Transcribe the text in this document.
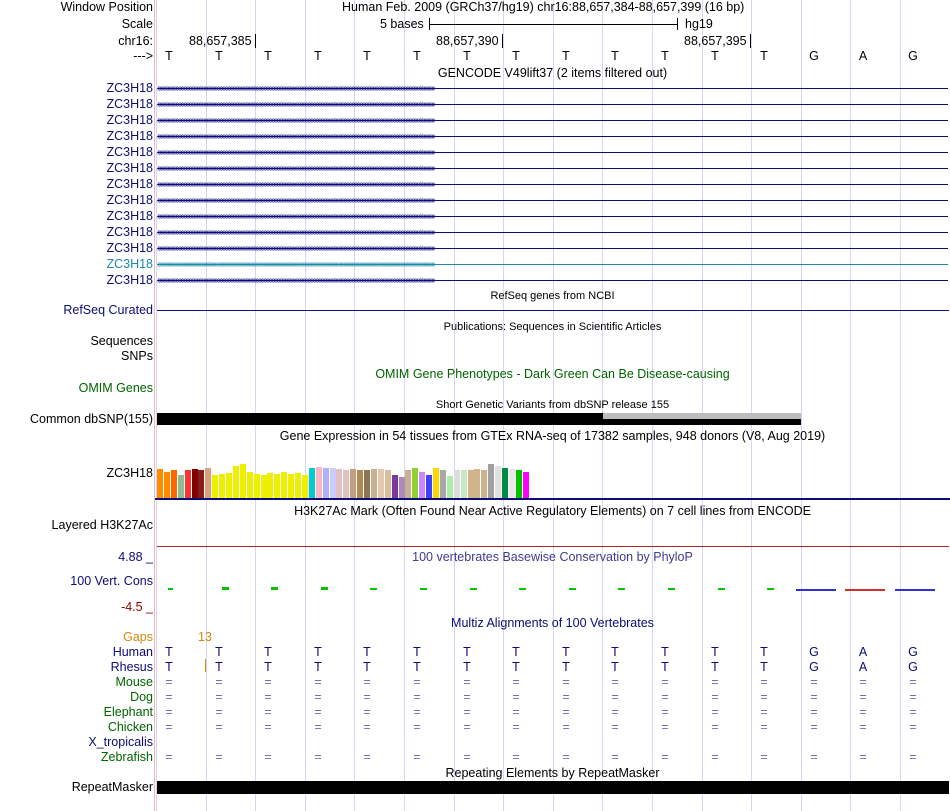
Window Position	Human Feb. 2009 (GRCh37/hg19) chr16:88,657,384-88,657,399 (16 bp)
Scale	5 bases	hg19
chr16:	88,657,385	88,657,390	88,657,395
---> T	T	T	T	T	T	T	T	T	T	T	T	T	G	A	G
GENCODE V49lift37 (2 items filtered out)
ZC3H18 ››››››››››››››››››››››››››››››››››››››››››››››››››››››››››››››››››››››››››››››››››››››››››››››››››››››››››››››››››››››››››››››››››››››››››››››››››››››››››››››››››››››››››
ZC3H18 ››››››››››››››››››››››››››››››››››››››››››››››››››››››››››››››››››››››››››››››››››››››››››››››››››››››››››››››››››››››››››››››››››››››››››››››››››››››››››››››››››››››››››
ZC3H18 ››››››››››››››››››››››››››››››››››››››››››››››››››››››››››››››››››››››››››››››››››››››››››››››››››››››››››››››››››››››››››››››››››››››››››››››››››››››››››››››››››››››››››
ZC3H18 ››››››››››››››››››››››››››››››››››››››››››››››››››››››››››››››››››››››››››››››››››››››››››››››››››››››››››››››››››››››››››››››››››››››››››››››››››››››››››››››››››››››››››
ZC3H18 ››››››››››››››››››››››››››››››››››››››››››››››››››››››››››››››››››››››››››››››››››››››››››››››››››››››››››››››››››››››››››››››››››››››››››››››››››››››››››››››››››››››››››
ZC3H18 ››››››››››››››››››››››››››››››››››››››››››››››››››››››››››››››››››››››››››››››››››››››››››››››››››››››››››››››››››››››››››››››››››››››››››››››››››››››››››››››››››››››››››
ZC3H18 ››››››››››››››››››››››››››››››››››››››››››››››››››››››››››››››››››››››››››››››››››››››››››››››››››››››››››››››››››››››››››››››››››››››››››››››››››››››››››››››››››››››››››
ZC3H18 ››››››››››››››››››››››››››››››››››››››››››››››››››››››››››››››››››››››››››››››››››››››››››››››››››››››››››››››››››››››››››››››››››››››››››››››››››››››››››››››››››››››››››
ZC3H18 ››››››››››››››››››››››››››››››››››››››››››››››››››››››››››››››››››››››››››››››››››››››››››››››››››››››››››››››››››››››››››››››››››››››››››››››››››››››››››››››››››››››››››
ZC3H18 ››››››››››››››››››››››››››››››››››››››››››››››››››››››››››››››››››››››››››››››››››››››››››››››››››››››››››››››››››››››››››››››››››››››››››››››››››››››››››››››››››››››››››
ZC3H18 ››››››››››››››››››››››››››››››››››››››››››››››››››››››››››››››››››››››››››››››››››››››››››››››››››››››››››››››››››››››››››››››››››››››››››››››››››››››››››››››››››››››››››
ZC3H18 ››››››››››››››››››››››››››››››››››››››››››››››››››››››››››››››››››››››››››››››››››››››››››››››››››››››››››››››››››››››››››››››››››››››››››››››››››››››››››››››››››››››››››
ZC3H18 ››››››››››››››››››››››››››››››››››››››››››››››››››››››››››››››››››››››››››››››››››››››››››››››››››››››››››››››››››››››››››››››››››››››››››››››››››››››››››››››››››››››››››
RefSeq genes from NCBI
RefSeq Curated
Publications: Sequences in Scientific Articles
Sequences
SNPs
OMIM Gene Phenotypes - Dark Green Can Be Disease-causing
OMIM Genes
Short Genetic Variants from dbSNP release 155
Common dbSNP(155)
Gene Expression in 54 tissues from GTEx RNA-seq of 17382 samples, 948 donors (V8, Aug 2019)
ZC3H18
H3K27Ac Mark (Often Found Near Active Regulatory Elements) on 7 cell lines from ENCODE
Layered H3K27Ac
100 vertebrates Basewise Conservation by PhyloP
4.88 _
100 Vert. Cons
-4.5 _
Multiz Alignments of 100 Vertebrates
Gaps	13
Human T	T	T	T	T	T	T	T	T	T	T	T	T	G	A	G
Rhesus T	T	T	T	T	T	T	T	T	T	T	T	T	G	A	G
Mouse =	=	=	=	=	=	=	=	=	=	=	=	=	=	=	=
Dog =	=	=	=	=	=	=	=	=	=	=	=	=	=	=	=
Elephant =	=	=	=	=	=	=	=	=	=	=	=	=	=	=	=
Chicken =	=	=	=	=	=	=	=	=	=	=	=	=	=	=	=
X_tropicalis
Zebrafish =	=	=	=	=	=	=	=	=	=	=	=	=	=	=	=
Repeating Elements by RepeatMasker
RepeatMasker
